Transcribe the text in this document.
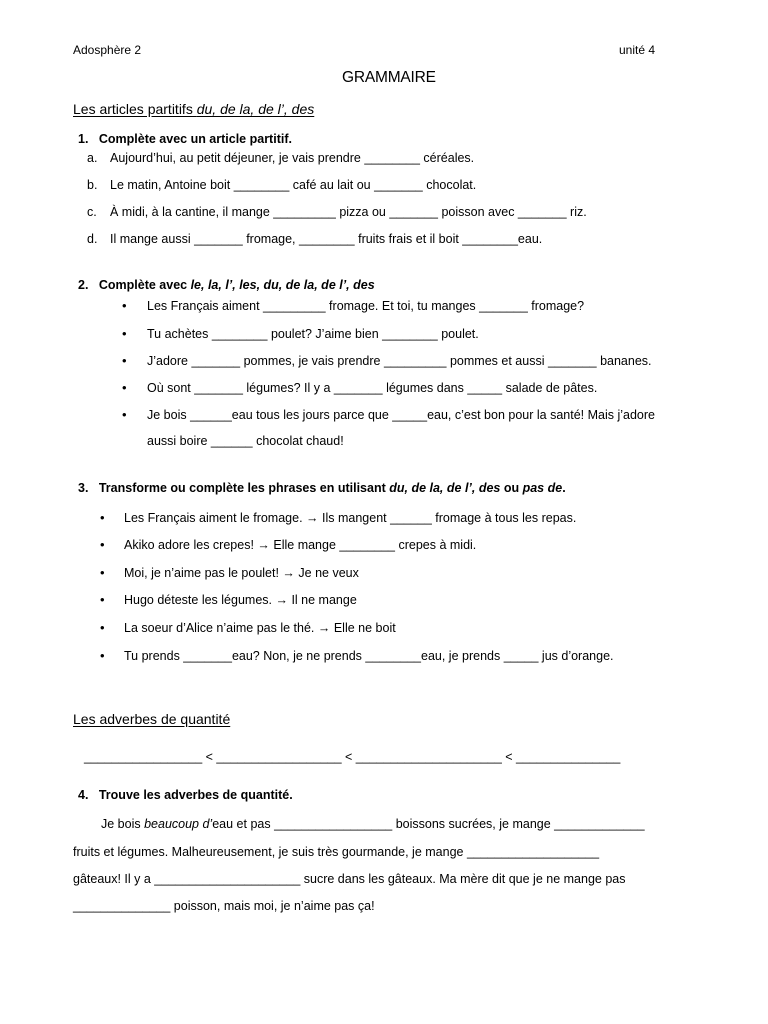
Adosphère 2	unité 4
GRAMMAIRE
Les articles partitifs du, de la, de l’, des
1. Complète avec un article partitif.
a. Aujourd’hui, au petit déjeuner, je vais prendre ________ céréales.
b. Le matin, Antoine boit ________ café au lait ou _______ chocolat.
c. À midi, à la cantine, il mange _________ pizza ou _______ poisson avec _______ riz.
d. Il mange aussi _______ fromage, ________ fruits frais et il boit ________eau.
2. Complète avec le, la, l’, les, du, de la, de l’, des
• Les Français aiment _________ fromage. Et toi, tu manges _______ fromage?
• Tu achètes ________ poulet? J’aime bien ________ poulet.
• J’adore _______ pommes, je vais prendre _________ pommes et aussi _______ bananes.
• Où sont _______ légumes? Il y a _______ légumes dans _____ salade de pâtes.
• Je bois ______eau tous les jours parce que _____eau, c’est bon pour la santé! Mais j’adore
aussi boire ______ chocolat chaud!
3. Transforme ou complète les phrases en utilisant du, de la, de l’, des ou pas de.
• Les Français aiment le fromage. → Ils mangent ______ fromage à tous les repas.
• Akiko adore les crepes! → Elle mange ________ crepes à midi.
• Moi, je n’aime pas le poulet! → Je ne veux
• Hugo déteste les légumes. → Il ne mange
• La soeur d’Alice n’aime pas le thé. → Elle ne boit
• Tu prends _______eau? Non, je ne prends ________eau, je prends _____ jus d’orange.
Les adverbes de quantité
_________________ < __________________ < _____________________ < _______________
4. Trouve les adverbes de quantité.
Je bois beaucoup d’eau et pas _________________ boissons sucrées, je mange _____________
fruits et légumes. Malheureusement, je suis très gourmande, je mange ___________________
gâteaux! Il y a _____________________ sucre dans les gâteaux. Ma mère dit que je ne mange pas
______________ poisson, mais moi, je n’aime pas ça!
